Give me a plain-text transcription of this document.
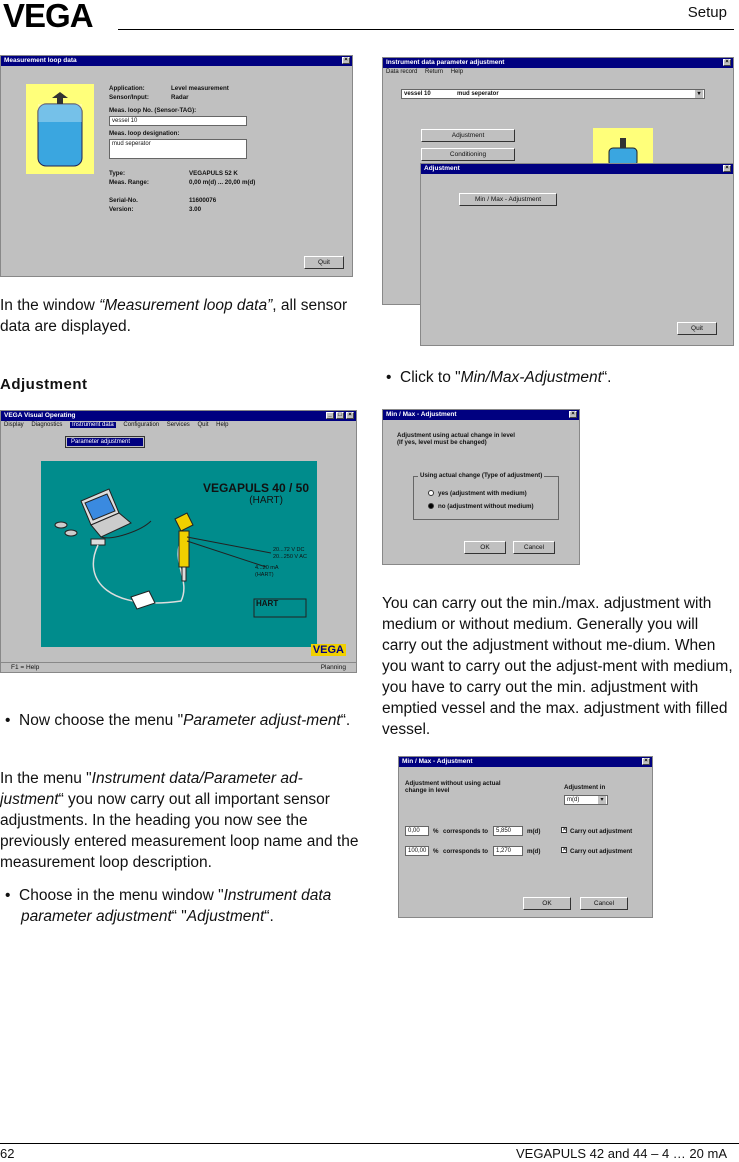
VEGA	Setup
Measurement loop data	×
Application:	Level measurement
Sensor/Input:	Radar
Meas. loop No. (Sensor-TAG):
vessel 10
Meas. loop designation:
mud seperator
Type:	VEGAPULS 52 K
Meas. Range:	0,00 m(d) ... 20,00 m(d)
Serial-No.	11600076
Version:	3.00
Quit
In the window “Measurement loop data”, all sensor data are displayed.
Adjustment
VEGA Visual Operating	_	□	×
Display Diagnostics Instrument data Configuration Services Quit Help
Parameter adjustment
VEGAPULS 40 / 50
(HART)
20...72 V DC
20...250 V AC
4...20 mA
(HART)
HART
VEGA
F1 = Help	Planning
•  Now choose the menu "Parameter adjust-ment“.
In the menu "Instrument data/Parameter ad-justment“ you now carry out all important sensor adjustments. In the heading you now see the previously entered measurement loop name and the measurement loop description.
•  Choose in the menu window "Instrument data parameter adjustment“ "Adjustment“.
Instrument data parameter adjustment	×
Data record Return Help
vessel 10	mud seperator	▾
Adjustment
Conditioning
Adjustment	×
Min / Max - Adjustment
Quit
•  Click to "Min/Max-Adjustment“.
Min / Max - Adjustment	×
Adjustment using actual change in level
(If yes, level must be changed)
Using actual change (Type of adjustment)
yes (adjustment with medium)
no (adjustment without medium)
OK	Cancel
You can carry out the min./max. adjustment with medium or without medium. Generally you will carry out the adjustment without me-dium. When you want to carry out the adjust-ment with medium, you have to carry out the min. adjustment with emptied vessel and the max. adjustment with filled vessel.
Min / Max - Adjustment	×
Adjustment without using actual
change in level	Adjustment in
m(d)	▾
0,00	% corresponds to	5,850	m(d)	✕ Carry out adjustment
100,00	% corresponds to	1,270	m(d)	✕ Carry out adjustment
OK	Cancel
62	VEGAPULS 42 and 44 – 4 … 20 mA
